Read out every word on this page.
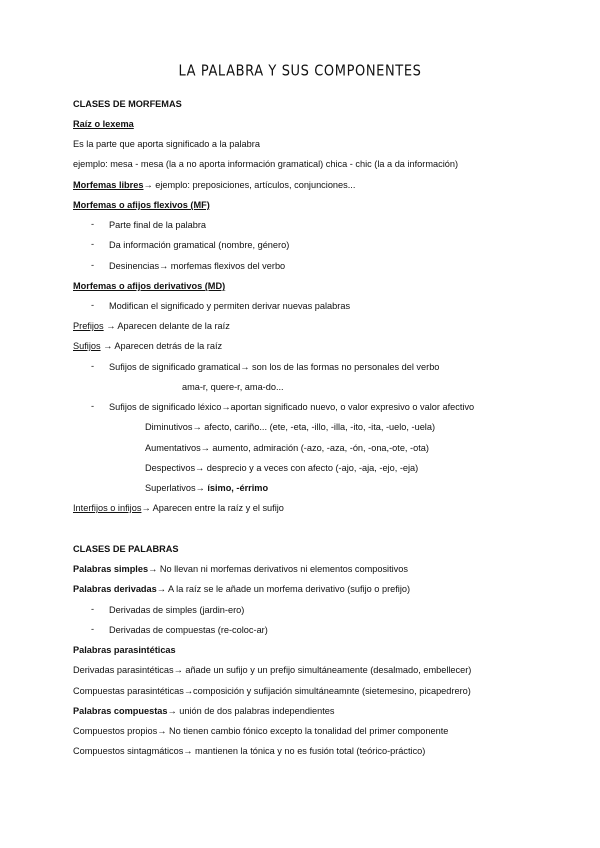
LA PALABRA Y SUS COMPONENTES
CLASES DE MORFEMAS
Raíz o lexema
Es la parte que aporta significado a la palabra
ejemplo: mesa - mesa (la a no aporta información gramatical) chica - chic (la a da información)
Morfemas libres→ ejemplo: preposiciones, artículos, conjunciones...
Morfemas o afijos flexivos (MF)
- Parte final de la palabra
- Da información gramatical (nombre, género)
- Desinencias→ morfemas flexivos del verbo
Morfemas o afijos derivativos (MD)
- Modifican el significado y permiten derivar nuevas palabras
Prefijos → Aparecen delante de la raíz
Sufijos → Aparecen detrás de la raíz
- Sufijos de significado gramatical→ son los de las formas no personales del verbo
ama-r, quere-r, ama-do...
- Sufijos de significado léxico→aportan significado nuevo, o valor expresivo o valor afectivo
Diminutivos→ afecto, cariño... (ete, -eta, -illo, -illa, -ito, -ita, -uelo, -uela)
Aumentativos→ aumento, admiración (-azo, -aza, -ón, -ona,-ote, -ota)
Despectivos→ desprecio y a veces con afecto (-ajo, -aja, -ejo, -eja)
Superlativos→ ísimo, -érrimo
Interfijos o infijos→ Aparecen entre la raíz y el sufijo
CLASES DE PALABRAS
Palabras simples→ No llevan ni morfemas derivativos ni elementos compositivos
Palabras derivadas→ A la raíz se le añade un morfema derivativo (sufijo o prefijo)
- Derivadas de simples (jardin-ero)
- Derivadas de compuestas (re-coloc-ar)
Palabras parasintéticas
Derivadas parasintéticas→ añade un sufijo y un prefijo simultáneamente (desalmado, embellecer)
Compuestas parasintéticas→composición y sufijación simultáneamnte (sietemesino, picapedrero)
Palabras compuestas→ unión de dos palabras independientes
Compuestos propios→ No tienen cambio fónico excepto la tonalidad del primer componente
Compuestos sintagmáticos→ mantienen la tónica y no es fusión total (teórico-práctico)
